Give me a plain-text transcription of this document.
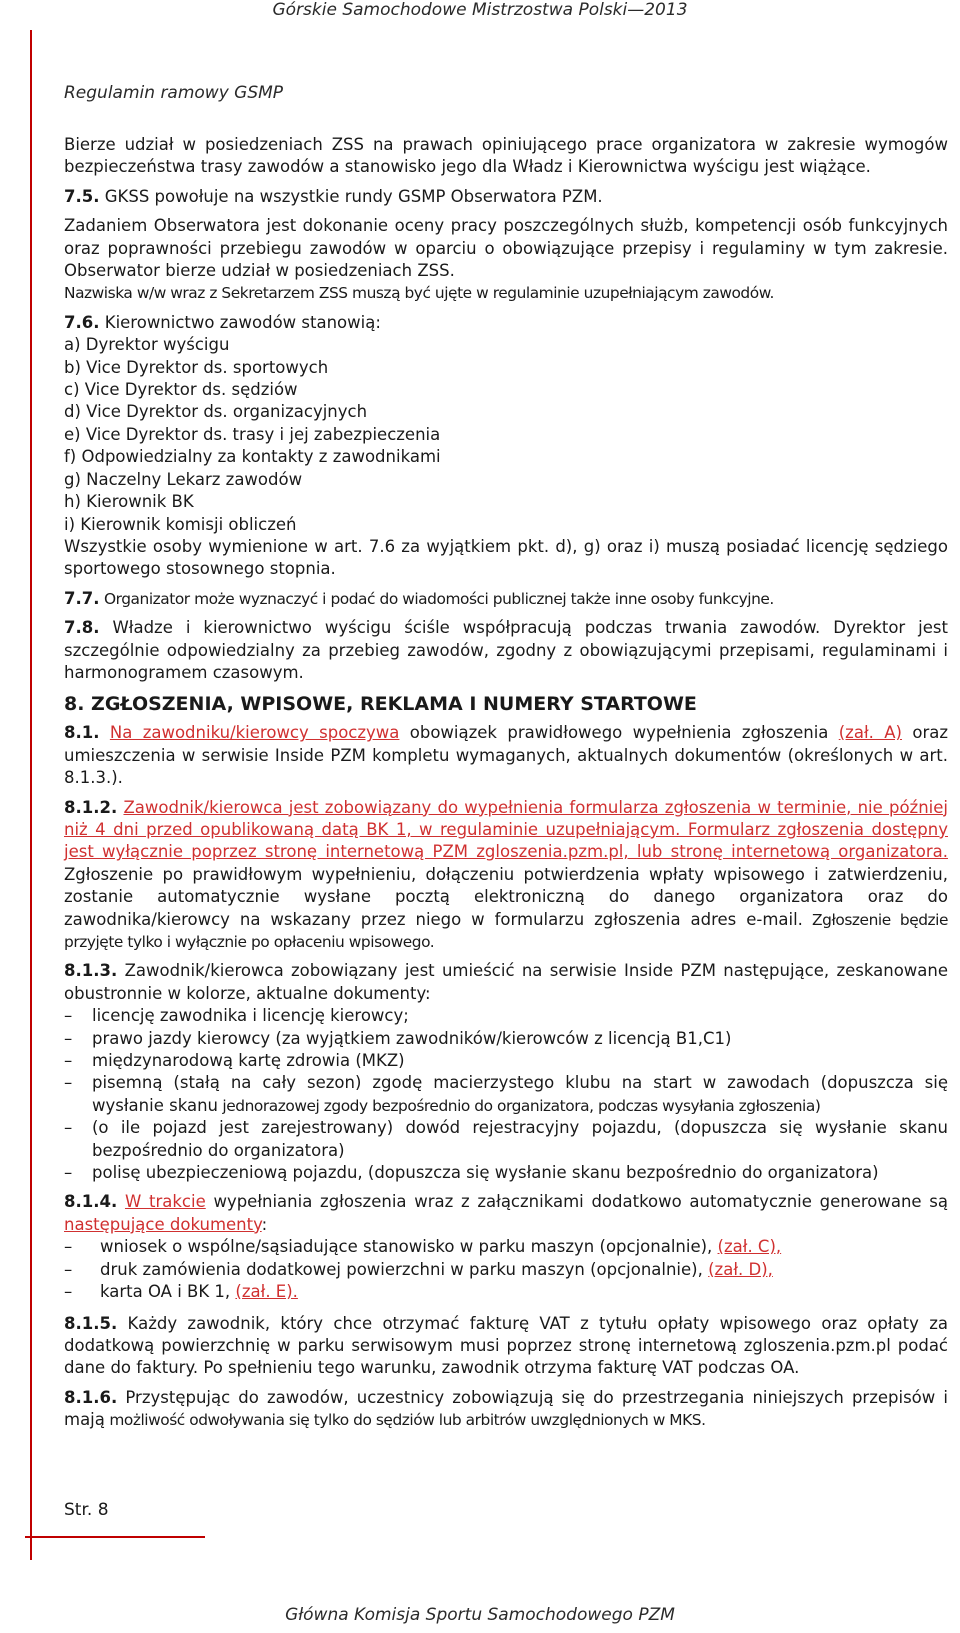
Górskie Samochodowe Mistrzostwa Polski—2013
Regulamin ramowy GSMP

Bierze udział w posiedzeniach ZSS na prawach opiniującego prace organizatora w zakresie wymogów bezpieczeństwa trasy zawodów a stanowisko jego dla Władz i Kierownictwa wyścigu jest wiążące.

7.5. GKSS powołuje na wszystkie rundy GSMP Obserwatora PZM.

Zadaniem Obserwatora jest dokonanie oceny pracy poszczególnych służb, kompetencji osób funkcyjnych oraz poprawności przebiegu zawodów w oparciu o obowiązujące przepisy i regulaminy w tym zakresie. Obserwator bierze udział w posiedzeniach ZSS.

Nazwiska w/w wraz z Sekretarzem ZSS muszą być ujęte w regulaminie uzupełniającym zawodów.

7.6. Kierownictwo zawodów stanowią:

a) Dyrektor wyścigu

b) Vice Dyrektor ds. sportowych

c) Vice Dyrektor ds. sędziów

d) Vice Dyrektor ds. organizacyjnych

e) Vice Dyrektor ds. trasy i jej zabezpieczenia

f) Odpowiedzialny za kontakty z zawodnikami

g) Naczelny Lekarz zawodów

h) Kierownik BK

i) Kierownik komisji obliczeń

Wszystkie osoby wymienione w art. 7.6 za wyjątkiem pkt. d), g) oraz i) muszą posiadać licencję sędziego sportowego stosownego stopnia.

7.7. Organizator może wyznaczyć i podać do wiadomości publicznej także inne osoby funkcyjne.

7.8. Władze i kierownictwo wyścigu ściśle współpracują podczas trwania zawodów. Dyrektor jest szczególnie odpowiedzialny za przebieg zawodów, zgodny z obowiązującymi przepisami, regulaminami i harmonogramem czasowym.

8. ZGŁOSZENIA, WPISOWE, REKLAMA I NUMERY STARTOWE

8.1. Na zawodniku/kierowcy spoczywa obowiązek prawidłowego wypełnienia zgłoszenia (zał. A) oraz umieszczenia w serwisie Inside PZM kompletu wymaganych, aktualnych dokumentów (określonych w art. 8.1.3.).

8.1.2. Zawodnik/kierowca jest zobowiązany do wypełnienia formularza zgłoszenia w terminie, nie później niż 4 dni przed opublikowaną datą BK 1, w regulaminie uzupełniającym. Formularz zgłoszenia dostępny jest wyłącznie poprzez stronę internetową PZM zgloszenia.pzm.pl, lub stronę internetową organizatora. Zgłoszenie po prawidłowym wypełnieniu, dołączeniu potwierdzenia wpłaty wpisowego i zatwierdzeniu, zostanie automatycznie wysłane pocztą elektroniczną do danego organizatora oraz do zawodnika/kierowcy na wskazany przez niego w formularzu zgłoszenia adres e-mail. Zgłoszenie będzie przyjęte tylko i wyłącznie po opłaceniu wpisowego.

8.1.3. Zawodnik/kierowca zobowiązany jest umieścić na serwisie Inside PZM następujące, zeskanowane obustronnie w kolorze, aktualne dokumenty:

–	licencję zawodnika i licencję kierowcy;
–	prawo jazdy kierowcy (za wyjątkiem zawodników/kierowców z licencją B1,C1)
–	międzynarodową kartę zdrowia (MKZ)
–	pisemną (stałą na cały sezon) zgodę macierzystego klubu na start w zawodach (dopuszcza się wysłanie skanu jednorazowej zgody bezpośrednio do organizatora, podczas wysyłania zgłoszenia)
–	(o ile pojazd jest zarejestrowany) dowód rejestracyjny pojazdu, (dopuszcza się wysłanie skanu bezpośrednio do organizatora)
–	polisę ubezpieczeniową pojazdu, (dopuszcza się wysłanie skanu bezpośrednio do organizatora)

8.1.4. W trakcie wypełniania zgłoszenia wraz z załącznikami dodatkowo automatycznie generowane są następujące dokumenty:

–	wniosek o wspólne/sąsiadujące stanowisko w parku maszyn (opcjonalnie), (zał. C),
–	druk zamówienia dodatkowej powierzchni w parku maszyn (opcjonalnie), (zał. D),
–	karta OA i BK 1, (zał. E).

8.1.5. Każdy zawodnik, który chce otrzymać fakturę VAT z tytułu opłaty wpisowego oraz opłaty za dodatkową powierzchnię w parku serwisowym musi poprzez stronę internetową zgloszenia.pzm.pl podać dane do faktury. Po spełnieniu tego warunku, zawodnik otrzyma fakturę VAT podczas OA.

8.1.6. Przystępując do zawodów, uczestnicy zobowiązują się do przestrzegania niniejszych przepisów i mają możliwość odwoływania się tylko do sędziów lub arbitrów uwzględnionych w MKS.

Str. 8
Główna Komisja Sportu Samochodowego PZM
